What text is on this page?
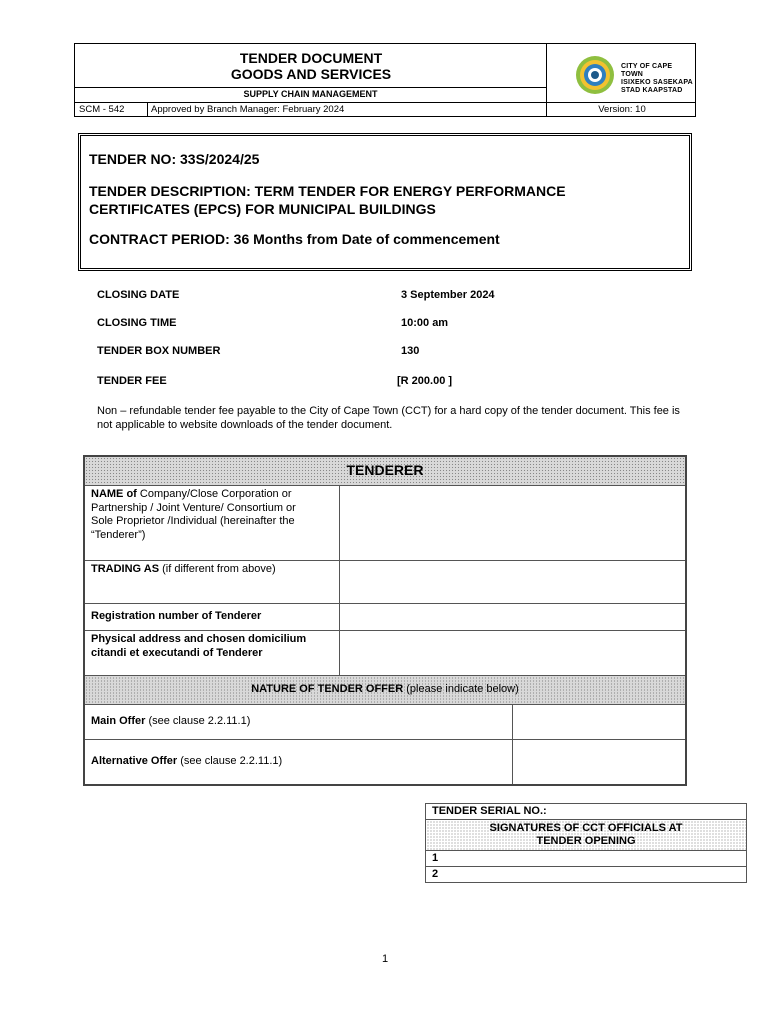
TENDER DOCUMENT
GOODS AND SERVICES
SUPPLY CHAIN MANAGEMENT
SCM - 542	Approved by Branch Manager: February 2024	Version: 10
CITY OF CAPE TOWN
ISIXEKO SASEKAPA
STAD KAAPSTAD
TENDER NO: 33S/2024/25
TENDER DESCRIPTION: TERM TENDER FOR ENERGY PERFORMANCE
CERTIFICATES (EPCS) FOR MUNICIPAL BUILDINGS
CONTRACT PERIOD: 36 Months from Date of commencement
CLOSING DATE	3 September 2024
CLOSING TIME	10:00 am
TENDER BOX NUMBER	130
TENDER FEE	[R 200.00 ]
Non – refundable tender fee payable to the City of Cape Town (CCT) for a hard copy of the tender document. This fee is not applicable to website downloads of the tender document.
TENDERER		
NAME of Company/Close Corporation or Partnership / Joint Venture/ Consortium or
Sole Proprietor /Individual (hereinafter the “Tenderer”)		
TRADING AS (if different from above)		
Registration number of Tenderer		
Physical address and chosen domicilium citandi et executandi of Tenderer		
NATURE OF TENDER OFFER (please indicate below)		
Main Offer (see clause 2.2.11.1)		
Alternative Offer (see clause 2.2.11.1)		
TENDER SERIAL NO.:
SIGNATURES OF CCT OFFICIALS AT TENDER OPENING
1
2
1
